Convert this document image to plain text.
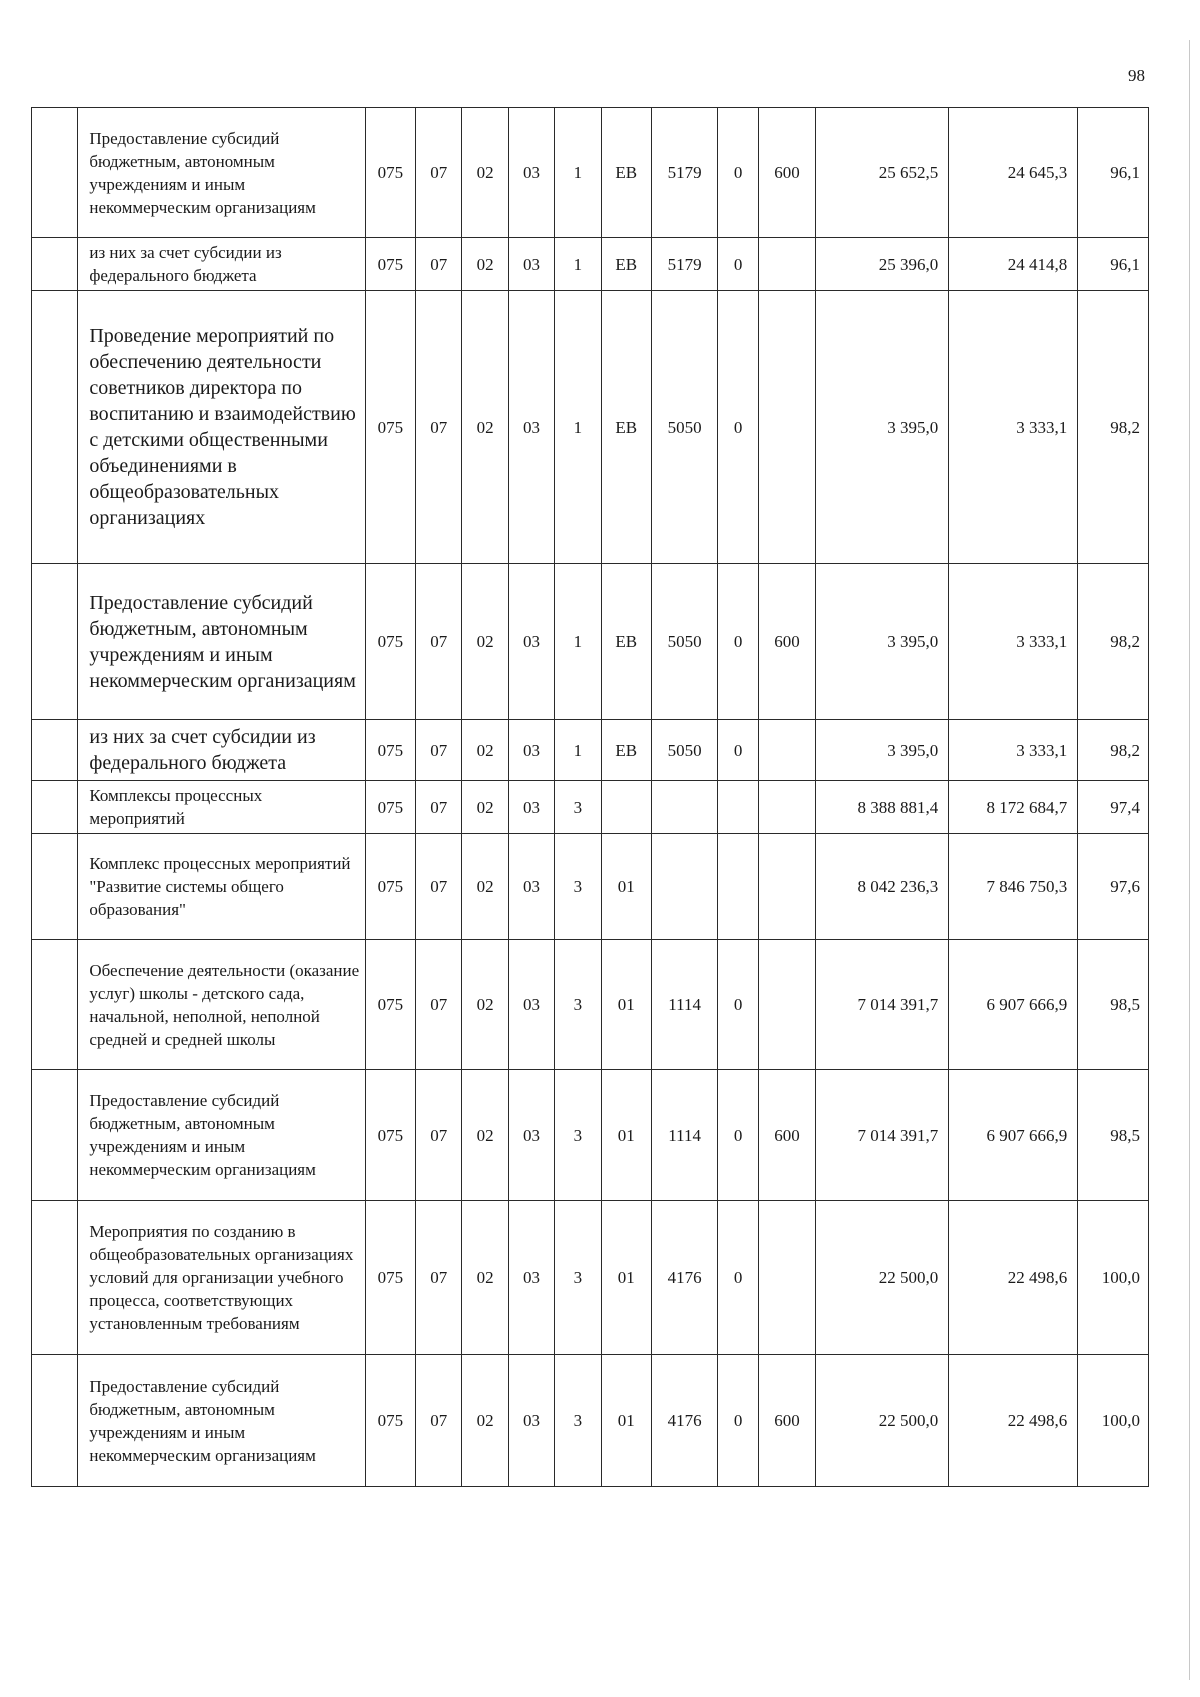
98
	Предоставление субсидий бюджетным, автономным учреждениям и иным некоммерческим организациям	075	07	02	03	1	ЕВ	5179	0	600	25 652,5	24 645,3	96,1
	из них за счет субсидии из федерального бюджета	075	07	02	03	1	ЕВ	5179	0		25 396,0	24 414,8	96,1
	Проведение мероприятий по обеспечению деятельности советников директора по воспитанию и взаимодействию с детскими общественными объединениями в общеобразовательных организациях	075	07	02	03	1	ЕВ	5050	0		3 395,0	3 333,1	98,2
	Предоставление субсидий бюджетным, автономным учреждениям и иным некоммерческим организациям	075	07	02	03	1	ЕВ	5050	0	600	3 395,0	3 333,1	98,2
	из них за счет субсидии из федерального бюджета	075	07	02	03	1	ЕВ	5050	0		3 395,0	3 333,1	98,2
	Комплексы процессных мероприятий	075	07	02	03	3					8 388 881,4	8 172 684,7	97,4
	Комплекс процессных мероприятий "Развитие системы общего образования"	075	07	02	03	3	01				8 042 236,3	7 846 750,3	97,6
	Обеспечение деятельности (оказание услуг) школы - детского сада, начальной, неполной, неполной средней и средней школы	075	07	02	03	3	01	1114	0		7 014 391,7	6 907 666,9	98,5
	Предоставление субсидий бюджетным, автономным учреждениям и иным некоммерческим организациям	075	07	02	03	3	01	1114	0	600	7 014 391,7	6 907 666,9	98,5
	Мероприятия по созданию в общеобразовательных организациях условий для организации учебного процесса, соответствующих установленным требованиям	075	07	02	03	3	01	4176	0		22 500,0	22 498,6	100,0
	Предоставление субсидий бюджетным, автономным учреждениям и иным некоммерческим организациям	075	07	02	03	3	01	4176	0	600	22 500,0	22 498,6	100,0
